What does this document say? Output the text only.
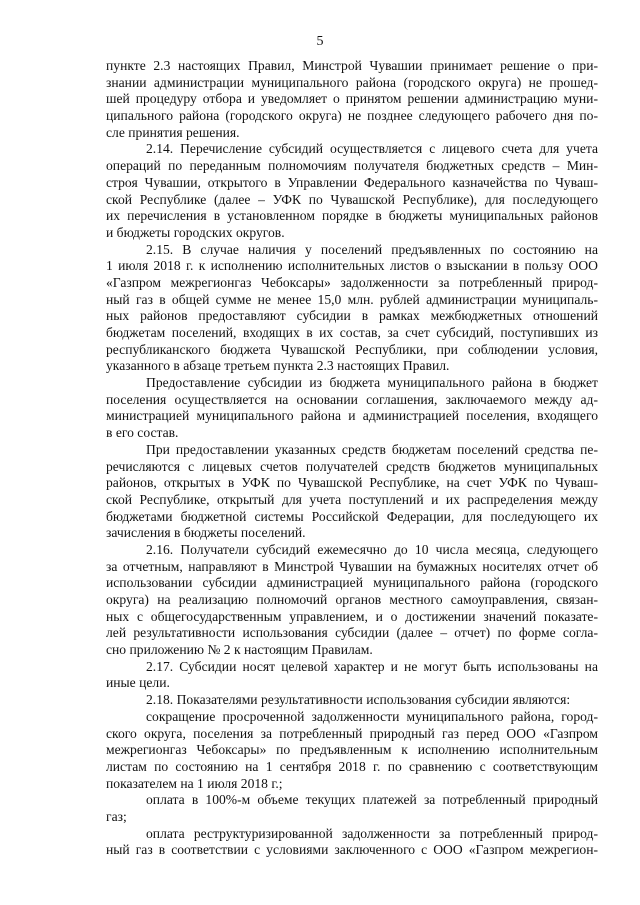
5
пункте 2.3 настоящих Правил, Минстрой Чувашии принимает решение о при-
знании администрации муниципального района (городского округа) не прошед-
шей процедуру отбора и уведомляет о принятом решении администрацию муни-
ципального района (городского округа) не позднее следующего рабочего дня по-
сле принятия решения.
2.14. Перечисление субсидий осуществляется с лицевого счета для учета
операций по переданным полномочиям получателя бюджетных средств – Мин-
строя Чувашии, открытого в Управлении Федерального казначейства по Чуваш-
ской Республике (далее – УФК по Чувашской Республике), для последующего
их перечисления в установленном порядке в бюджеты муниципальных районов
и бюджеты городских округов.
2.15. В случае наличия у поселений предъявленных по состоянию на
1 июля 2018 г. к исполнению исполнительных листов о взыскании в пользу ООО
«Газпром межрегионгаз Чебоксары» задолженности за потребленный природ-
ный газ в общей сумме не менее 15,0 млн. рублей администрации муниципаль-
ных районов предоставляют субсидии в рамках межбюджетных отношений
бюджетам поселений, входящих в их состав, за счет субсидий, поступивших из
республиканского бюджета Чувашской Республики, при соблюдении условия,
указанного в абзаце третьем пункта 2.3 настоящих Правил.
Предоставление субсидии из бюджета муниципального района в бюджет
поселения осуществляется на основании соглашения, заключаемого между ад-
министрацией муниципального района и администрацией поселения, входящего
в его состав.
При предоставлении указанных средств бюджетам поселений средства пе-
речисляются с лицевых счетов получателей средств бюджетов муниципальных
районов, открытых в УФК по Чувашской Республике, на счет УФК по Чуваш-
ской Республике, открытый для учета поступлений и их распределения между
бюджетами бюджетной системы Российской Федерации, для последующего их
зачисления в бюджеты поселений.
2.16. Получатели субсидий ежемесячно до 10 числа месяца, следующего
за отчетным, направляют в Минстрой Чувашии на бумажных носителях отчет об
использовании субсидии администрацией муниципального района (городского
округа) на реализацию полномочий органов местного самоуправления, связан-
ных с общегосударственным управлением, и о достижении значений показате-
лей результативности использования субсидии (далее – отчет) по форме согла-
сно приложению № 2 к настоящим Правилам.
2.17. Субсидии носят целевой характер и не могут быть использованы на
иные цели.
2.18. Показателями результативности использования субсидии являются:
сокращение просроченной задолженности муниципального района, город-
ского округа, поселения за потребленный природный газ перед ООО «Газпром
межрегионгаз Чебоксары» по предъявленным к исполнению исполнительным
листам по состоянию на 1 сентября 2018 г. по сравнению с соответствующим
показателем на 1 июля 2018 г.;
оплата в 100%-м объеме текущих платежей за потребленный природный
газ;
оплата реструктуризированной задолженности за потребленный природ-
ный газ в соответствии с условиями заключенного с ООО «Газпром межрегион-
